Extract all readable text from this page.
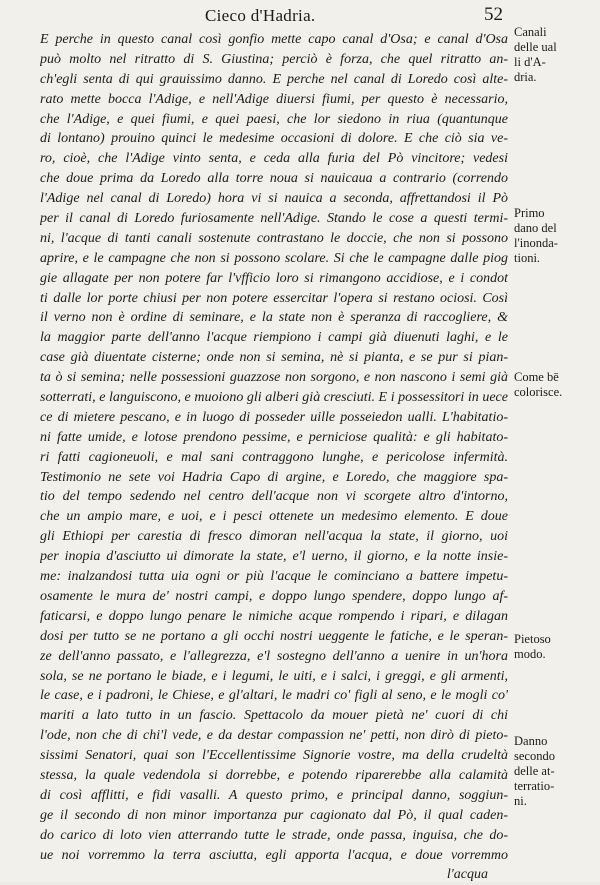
Cieco d'Hadria.	52
E perche in questo canal così gonfio mette capo canal d'Osa; e canal d'Osa
può molto nel ritratto di S. Giustina; perciò è forza, che quel ritratto an-
ch'egli senta di qui grauissimo danno. E perche nel canal di Loredo così alte-
rato mette bocca l'Adige, e nell'Adige diuersi fiumi, per questo è necessario,
che l'Adige, e quei fiumi, e quei paesi, che lor siedono in riua (quantunque
di lontano) prouino quinci le medesime occasioni di dolore. E che ciò sia ve-
ro, cioè, che l'Adige vinto senta, e ceda alla furia del Pò vincitore; vedesi
che doue prima da Loredo alla torre noua si nauicaua a contrario (correndo
l'Adige nel canal di Loredo) hora vi si nauica a seconda, affrettandosi il Pò
per il canal di Loredo furiosamente nell'Adige. Stando le cose a questi termi-
ni, l'acque di tanti canali sostenute contrastano le doccie, che non si possono
aprire, e le campagne che non si possono scolare. Si che le campagne dalle piog
gie allagate per non potere far l'vfficio loro si rimangono accidiose, e i condot
ti dalle lor porte chiusi per non potere essercitar l'opera si restano ociosi. Così
il verno non è ordine di seminare, e la state non è speranza di raccogliere, &
la maggior parte dell'anno l'acque riempiono i campi già diuenuti laghi, e le
case già diuentate cisterne; onde non si semina, nè si pianta, e se pur si pian-
ta ò si semina; nelle possessioni guazzose non sorgono, e non nascono i semi già
sotterrati, e languiscono, e muoiono gli alberi già cresciuti. E i possessitori in uece
ce di mietere pescano, e in luogo di posseder uille posseiedon ualli. L'habitatio-
ni fatte umide, e lotose prendono pessime, e perniciose qualità: e gli habitato-
ri fatti cagioneuoli, e mal sani contraggono lunghe, e pericolose infermità.
Testimonio ne sete voi Hadria Capo di argine, e Loredo, che maggiore spa-
tio del tempo sedendo nel centro dell'acque non vi scorgete altro d'intorno,
che un ampio mare, e uoi, e i pesci ottenete un medesimo elemento. E doue
gli Ethiopi per carestia di fresco dimoran nell'acqua la state, il giorno, uoi
per inopia d'asciutto ui dimorate la state, e'l uerno, il giorno, e la notte insie-
me: inalzandosi tutta uia ogni or più l'acque le cominciano a battere impetu-
osamente le mura de' nostri campi, e doppo lungo spendere, doppo lungo af-
faticarsi, e doppo lungo penare le nimiche acque rompendo i ripari, e dilagan
dosi per tutto se ne portano a gli occhi nostri ueggente le fatiche, e le speran-
ze dell'anno passato, e l'allegrezza, e'l sostegno dell'anno a uenire in un'hora
sola, se ne portano le biade, e i legumi, le uiti, e i salci, i greggi, e gli armenti,
le case, e i padroni, le Chiese, e gl'altari, le madri co' figli al seno, e le mogli co'
mariti a lato tutto in un fascio. Spettacolo da mouer pietà ne' cuori di chi
l'ode, non che di chi'l vede, e da destar compassion ne' petti, non dirò di pieto-
sissimi Senatori, quai son l'Eccellentissime Signorie vostre, ma della crudeltà
stessa, la quale vedendola si dorrebbe, e potendo riparerebbe alla calamità
di così afflitti, e fidi vasalli. A questo primo, e principal danno, soggiun-
ge il secondo di non minor importanza pur cagionato dal Pò, il qual caden-
do carico di loto vien atterrando tutte le strade, onde passa, inguisa, che do-
ue noi vorremmo la terra asciutta, egli apporta l'acqua, e doue vorremmo
l'acqua
Canali
delle ual
li d'A-
dria.
Primo
dano del
l'inonda-
tioni.
Come bē
colorisce.
Pietoso
modo.
Danno
secondo
delle at-
terratio-
ni.
